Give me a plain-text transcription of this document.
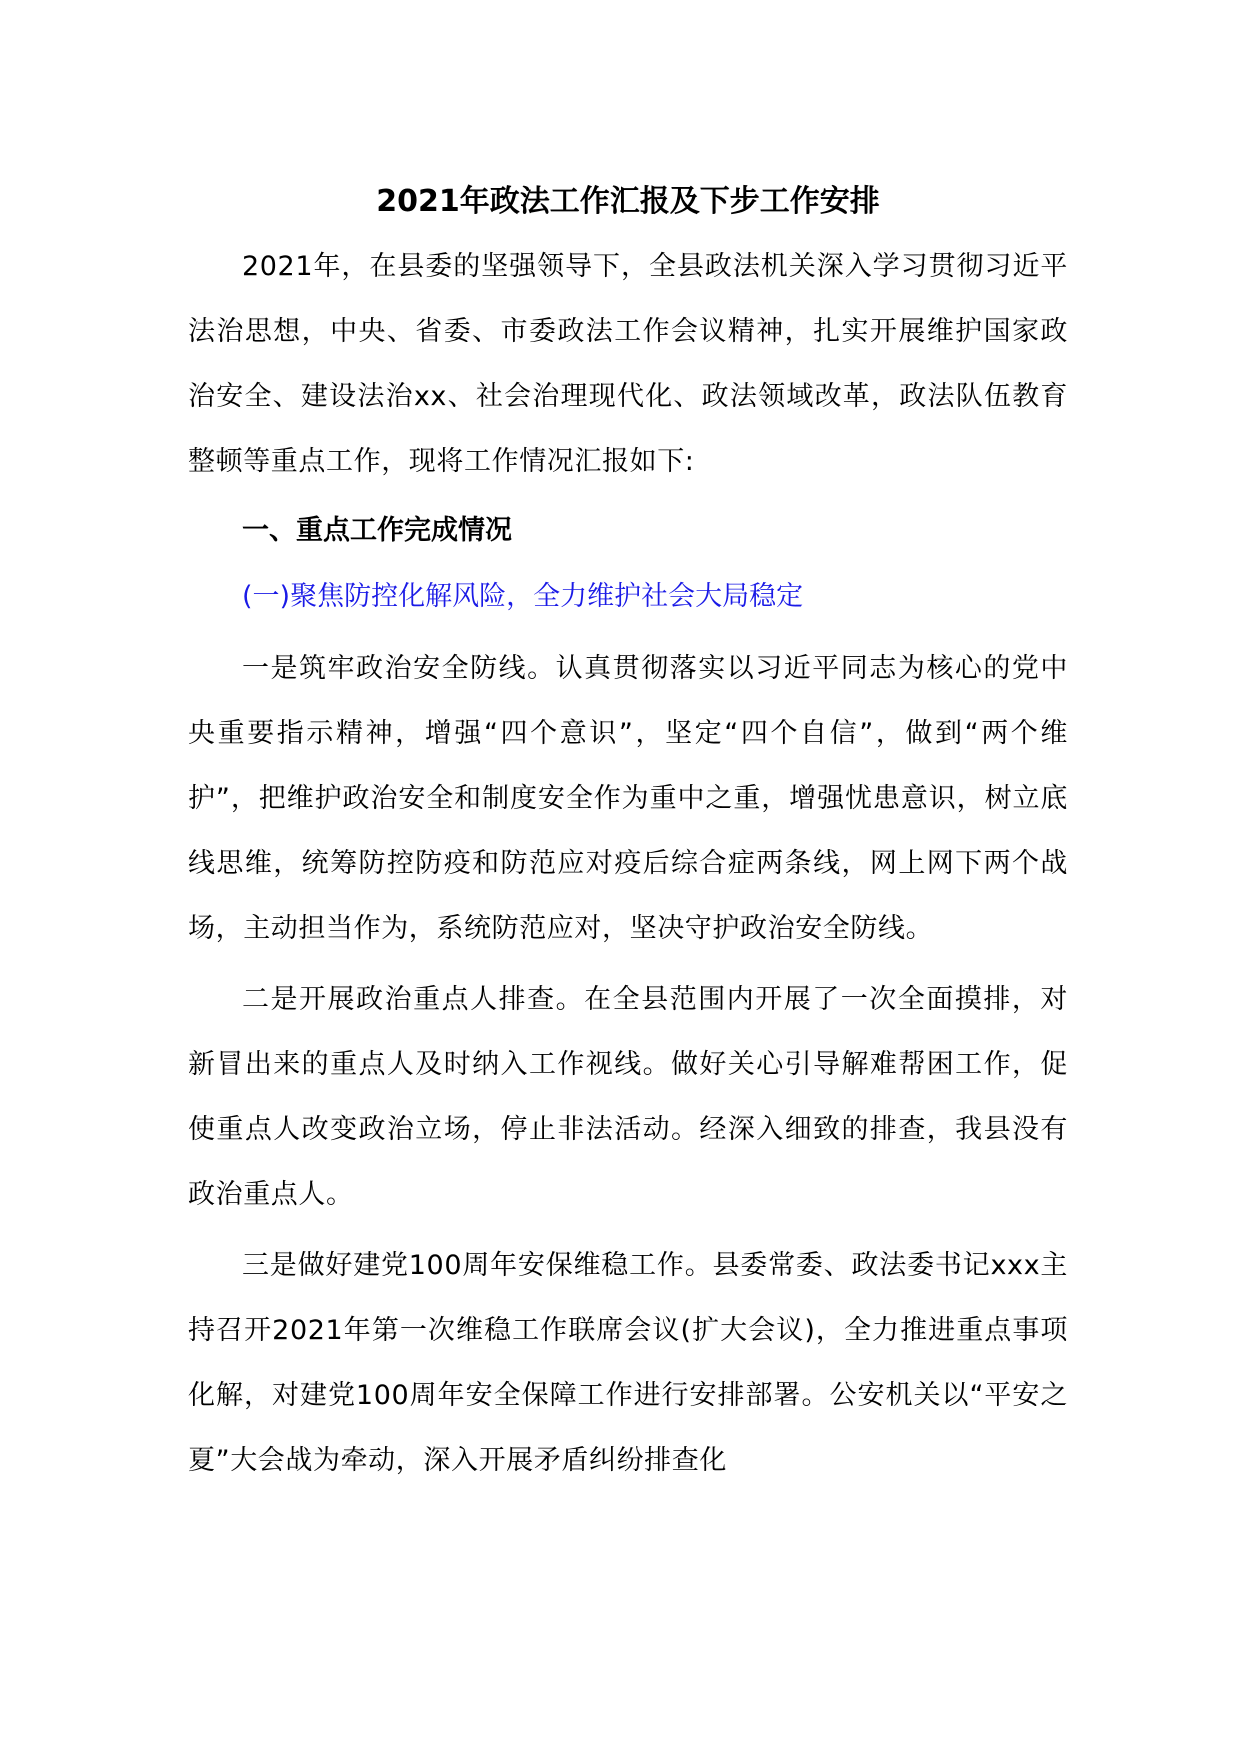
2021年政法工作汇报及下步工作安排

2021年，在县委的坚强领导下，全县政法机关深入学习贯彻习近平法治思想，中央、省委、市委政法工作会议精神，扎实开展维护国家政治安全、建设法治xx、社会治理现代化、政法领域改革，政法队伍教育整顿等重点工作，现将工作情况汇报如下:

一、重点工作完成情况

(一)聚焦防控化解风险，全力维护社会大局稳定

一是筑牢政治安全防线。认真贯彻落实以习近平同志为核心的党中央重要指示精神，增强“四个意识”，坚定“四个自信”，做到“两个维护”，把维护政治安全和制度安全作为重中之重，增强忧患意识，树立底线思维，统筹防控防疫和防范应对疫后综合症两条线，网上网下两个战场，主动担当作为，系统防范应对，坚决守护政治安全防线。

二是开展政治重点人排查。在全县范围内开展了一次全面摸排，对新冒出来的重点人及时纳入工作视线。做好关心引导解难帮困工作，促使重点人改变政治立场，停止非法活动。经深入细致的排查，我县没有政治重点人。

三是做好建党100周年安保维稳工作。县委常委、政法委书记xxx主持召开2021年第一次维稳工作联席会议(扩大会议)，全力推进重点事项化解，对建党100周年安全保障工作进行安排部署。公安机关以“平安之夏”大会战为牵动，深入开展矛盾纠纷排查化
